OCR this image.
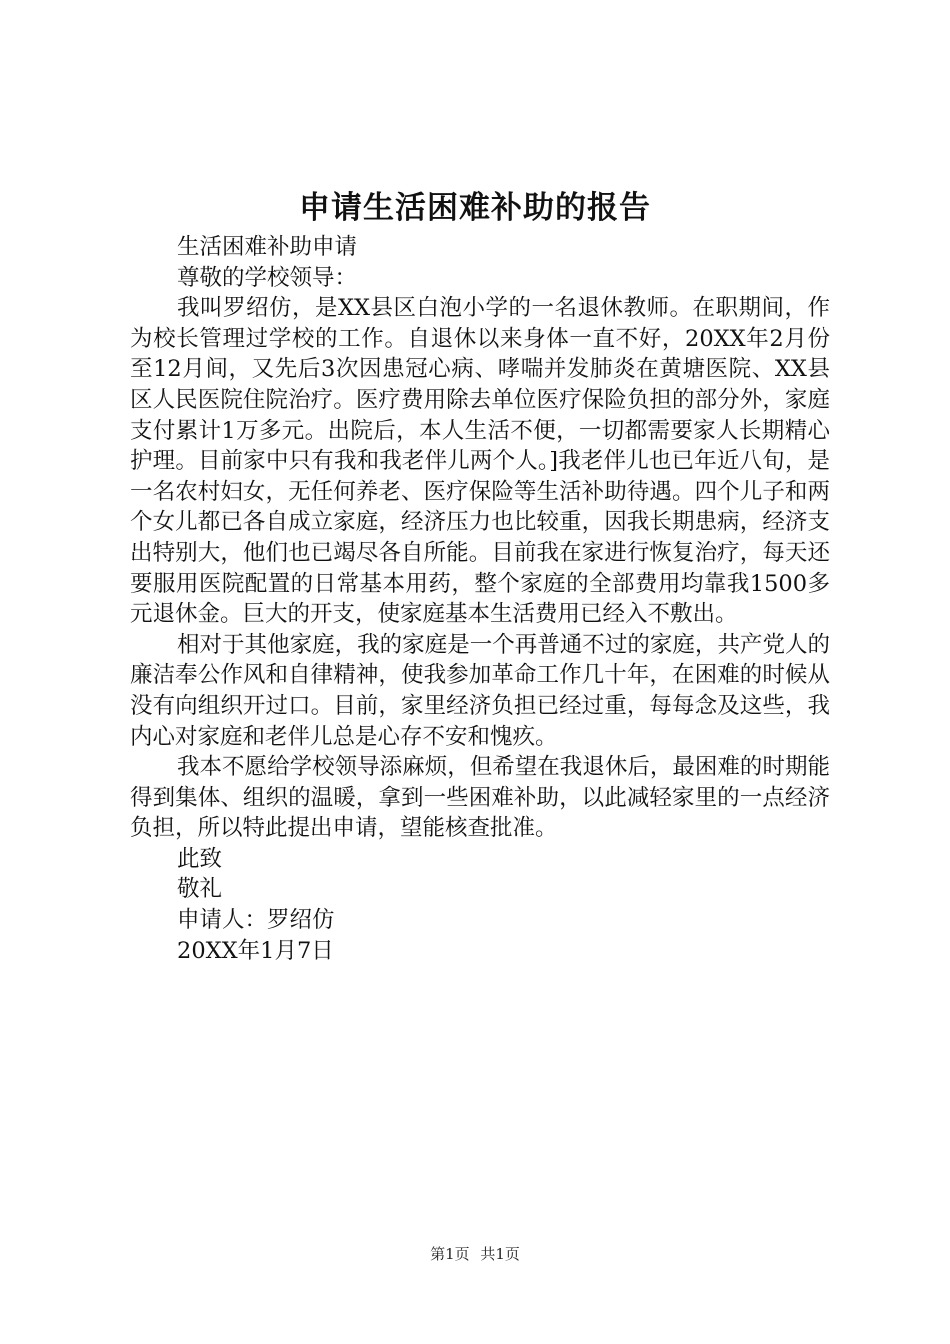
申请生活困难补助的报告
生活困难补助申请
尊敬的学校领导：

我叫罗绍仿，是XX县区白泡小学的一名退休教师。在职期间，作为校长管理过学校的工作。自退休以来身体一直不好，20XX年2月份至12月间，又先后3次因患冠心病、哮喘并发肺炎在黄塘医院、XX县区人民医院住院治疗。医疗费用除去单位医疗保险负担的部分外，家庭支付累计1万多元。出院后，本人生活不便，一切都需要家人长期精心护理。目前家中只有我和我老伴儿两个人。]我老伴儿也已年近八旬，是一名农村妇女，无任何养老、医疗保险等生活补助待遇。四个儿子和两个女儿都已各自成立家庭，经济压力也比较重，因我长期患病，经济支出特别大，他们也已竭尽各自所能。目前我在家进行恢复治疗，每天还要服用医院配置的日常基本用药，整个家庭的全部费用均靠我1500多元退休金。巨大的开支，使家庭基本生活费用已经入不敷出。

相对于其他家庭，我的家庭是一个再普通不过的家庭，共产党人的廉洁奉公作风和自律精神，使我参加革命工作几十年，在困难的时候从没有向组织开过口。目前，家里经济负担已经过重，每每念及这些，我内心对家庭和老伴儿总是心存不安和愧疚。

我本不愿给学校领导添麻烦，但希望在我退休后，最困难的时期能得到集体、组织的温暖，拿到一些困难补助，以此减轻家里的一点经济负担，所以特此提出申请，望能核查批准。

此致
敬礼
申请人：罗绍仿
20XX年1月7日
第1页 共1页
